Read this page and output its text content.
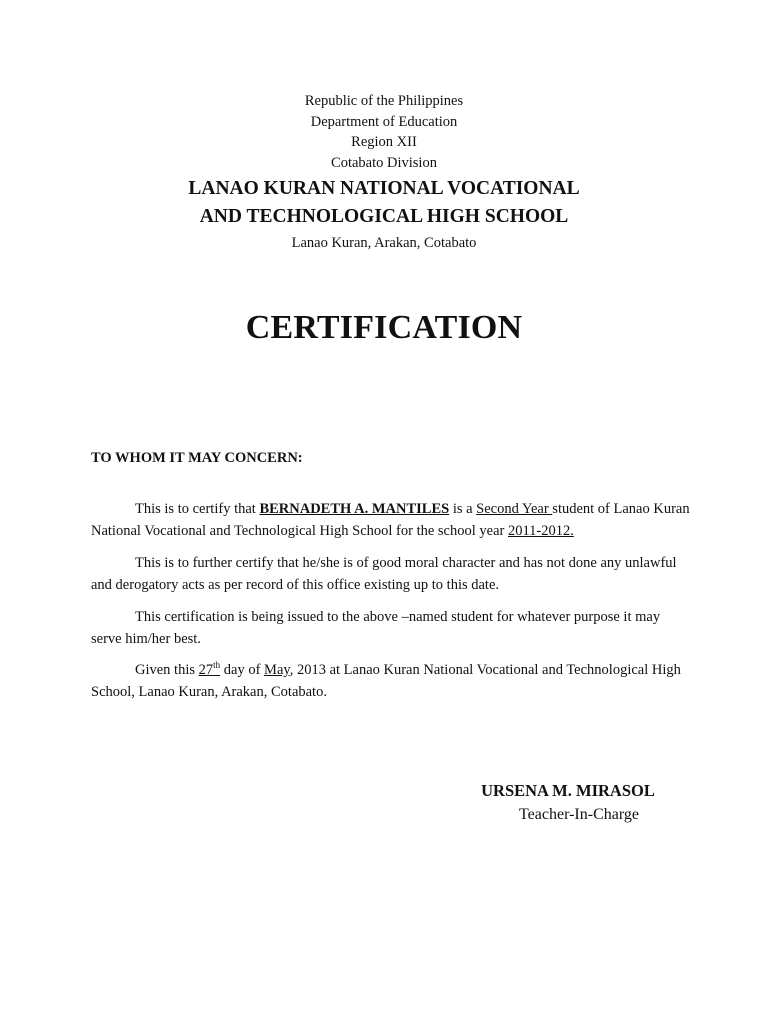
Republic of the Philippines
Department of Education
Region XII
Cotabato Division
LANAO KURAN NATIONAL VOCATIONAL
AND TECHNOLOGICAL HIGH SCHOOL
Lanao Kuran, Arakan, Cotabato
CERTIFICATION
TO WHOM IT MAY CONCERN:
This is to certify that BERNADETH A. MANTILES is a Second Year student of Lanao Kuran National Vocational and Technological High School for the school year 2011-2012.
This is to further certify that he/she is of good moral character and has not done any unlawful and derogatory acts as per record of this office existing up to this date.
This certification is being issued to the above –named student for whatever purpose it may serve him/her best.
Given this 27th day of May, 2013 at Lanao Kuran National Vocational and Technological High School, Lanao Kuran, Arakan, Cotabato.
URSENA M. MIRASOL
Teacher-In-Charge
